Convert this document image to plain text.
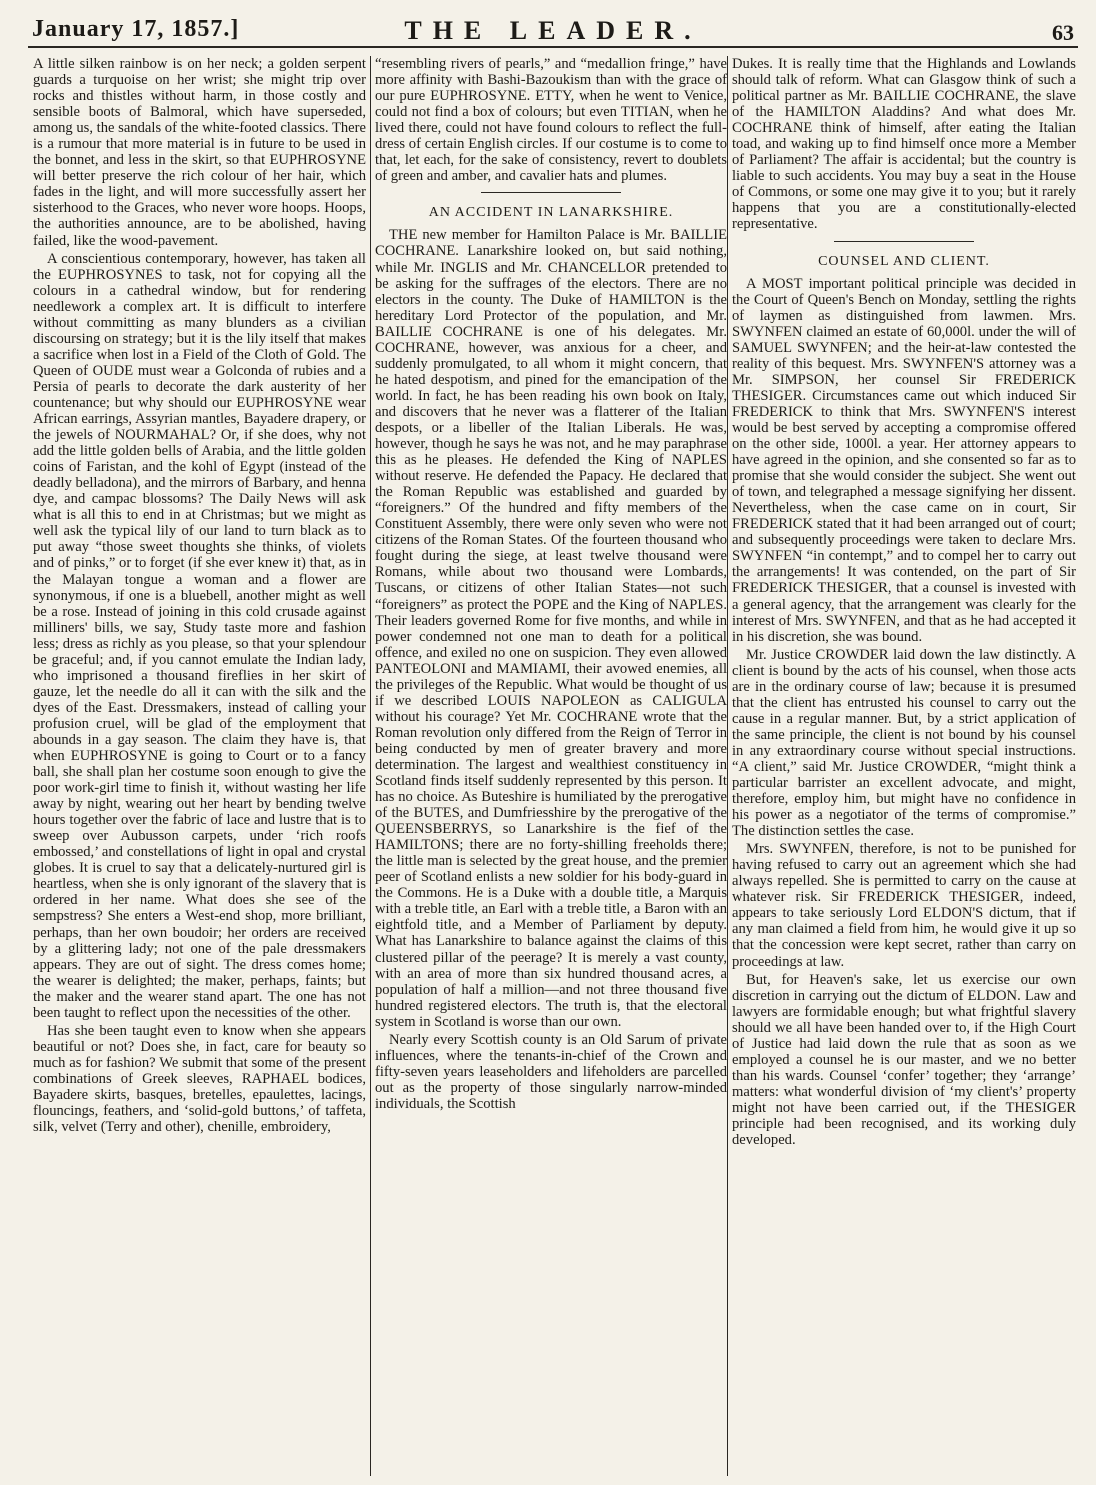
January 17, 1857.]	THE LEADER.	63

A little silken rainbow is on her neck; a golden serpent guards a turquoise on her wrist; she might trip over rocks and thistles without harm, in those costly and sensible boots of Balmoral, which have superseded, among us, the sandals of the white-footed classics. There is a rumour that more material is in future to be used in the bonnet, and less in the skirt, so that EUPHROSYNE will better preserve the rich colour of her hair, which fades in the light, and will more successfully assert her sisterhood to the Graces, who never wore hoops. Hoops, the authorities announce, are to be abolished, having failed, like the wood-pavement.

A conscientious contemporary, however, has taken all the EUPHROSYNES to task, not for copying all the colours in a cathedral window, but for rendering needlework a complex art. It is difficult to interfere without committing as many blunders as a civilian discoursing on strategy; but it is the lily itself that makes a sacrifice when lost in a Field of the Cloth of Gold. The Queen of OUDE must wear a Golconda of rubies and a Persia of pearls to decorate the dark austerity of her countenance; but why should our EUPHROSYNE wear African earrings, Assyrian mantles, Bayadere drapery, or the jewels of NOURMAHAL? Or, if she does, why not add the little golden bells of Arabia, and the little golden coins of Faristan, and the kohl of Egypt (instead of the deadly belladona), and the mirrors of Barbary, and henna dye, and campac blossoms? The Daily News will ask what is all this to end in at Christmas; but we might as well ask the typical lily of our land to turn black as to put away “those sweet thoughts she thinks, of violets and of pinks,” or to forget (if she ever knew it) that, as in the Malayan tongue a woman and a flower are synonymous, if one is a bluebell, another might as well be a rose. Instead of joining in this cold crusade against milliners' bills, we say, Study taste more and fashion less; dress as richly as you please, so that your splendour be graceful; and, if you cannot emulate the Indian lady, who imprisoned a thousand fireflies in her skirt of gauze, let the needle do all it can with the silk and the dyes of the East. Dressmakers, instead of calling your profusion cruel, will be glad of the employment that abounds in a gay season. The claim they have is, that when EUPHROSYNE is going to Court or to a fancy ball, she shall plan her costume soon enough to give the poor work-girl time to finish it, without wasting her life away by night, wearing out her heart by bending twelve hours together over the fabric of lace and lustre that is to sweep over Aubusson carpets, under ‘rich roofs embossed,’ and constellations of light in opal and crystal globes. It is cruel to say that a delicately-nurtured girl is heartless, when she is only ignorant of the slavery that is ordered in her name. What does she see of the sempstress? She enters a West-end shop, more brilliant, perhaps, than her own boudoir; her orders are received by a glittering lady; not one of the pale dressmakers appears. They are out of sight. The dress comes home; the wearer is delighted; the maker, perhaps, faints; but the maker and the wearer stand apart. The one has not been taught to reflect upon the necessities of the other.

Has she been taught even to know when she appears beautiful or not? Does she, in fact, care for beauty so much as for fashion? We submit that some of the present combinations of Greek sleeves, RAPHAEL bodices, Bayadere skirts, basques, bretelles, epaulettes, lacings, flouncings, feathers, and ‘solid-gold buttons,’ of taffeta, silk, velvet (Terry and other), chenille, embroidery,

“resembling rivers of pearls,” and “medallion fringe,” have more affinity with Bashi-Bazoukism than with the grace of our pure EUPHROSYNE. ETTY, when he went to Venice, could not find a box of colours; but even TITIAN, when he lived there, could not have found colours to reflect the full-dress of certain English circles. If our costume is to come to that, let each, for the sake of consistency, revert to doublets of green and amber, and cavalier hats and plumes.

AN ACCIDENT IN LANARKSHIRE.

THE new member for Hamilton Palace is Mr. BAILLIE COCHRANE. Lanarkshire looked on, but said nothing, while Mr. INGLIS and Mr. CHANCELLOR pretended to be asking for the suffrages of the electors. There are no electors in the county. The Duke of HAMILTON is the hereditary Lord Protector of the population, and Mr. BAILLIE COCHRANE is one of his delegates. Mr. COCHRANE, however, was anxious for a cheer, and suddenly promulgated, to all whom it might concern, that he hated despotism, and pined for the emancipation of the world. In fact, he has been reading his own book on Italy, and discovers that he never was a flatterer of the Italian despots, or a libeller of the Italian Liberals. He was, however, though he says he was not, and he may paraphrase this as he pleases. He defended the King of NAPLES without reserve. He defended the Papacy. He declared that the Roman Republic was established and guarded by “foreigners.” Of the hundred and fifty members of the Constituent Assembly, there were only seven who were not citizens of the Roman States. Of the fourteen thousand who fought during the siege, at least twelve thousand were Romans, while about two thousand were Lombards, Tuscans, or citizens of other Italian States—not such “foreigners” as protect the POPE and the King of NAPLES. Their leaders governed Rome for five months, and while in power condemned not one man to death for a political offence, and exiled no one on suspicion. They even allowed PANTEOLONI and MAMIAMI, their avowed enemies, all the privileges of the Republic. What would be thought of us if we described LOUIS NAPOLEON as CALIGULA without his courage? Yet Mr. COCHRANE wrote that the Roman revolution only differed from the Reign of Terror in being conducted by men of greater bravery and more determination. The largest and wealthiest constituency in Scotland finds itself suddenly represented by this person. It has no choice. As Buteshire is humiliated by the prerogative of the BUTES, and Dumfriesshire by the prerogative of the QUEENSBERRYS, so Lanarkshire is the fief of the HAMILTONS; there are no forty-shilling freeholds there; the little man is selected by the great house, and the premier peer of Scotland enlists a new soldier for his body-guard in the Commons. He is a Duke with a double title, a Marquis with a treble title, an Earl with a treble title, a Baron with an eightfold title, and a Member of Parliament by deputy. What has Lanarkshire to balance against the claims of this clustered pillar of the peerage? It is merely a vast county, with an area of more than six hundred thousand acres, a population of half a million—and not three thousand five hundred registered electors. The truth is, that the electoral system in Scotland is worse than our own.

Nearly every Scottish county is an Old Sarum of private influences, where the tenants-in-chief of the Crown and fifty-seven years leaseholders and lifeholders are parcelled out as the property of those singularly narrow-minded individuals, the Scottish

Dukes. It is really time that the Highlands and Lowlands should talk of reform. What can Glasgow think of such a political partner as Mr. BAILLIE COCHRANE, the slave of the HAMILTON Aladdins? And what does Mr. COCHRANE think of himself, after eating the Italian toad, and waking up to find himself once more a Member of Parliament? The affair is accidental; but the country is liable to such accidents. You may buy a seat in the House of Commons, or some one may give it to you; but it rarely happens that you are a constitutionally-elected representative.

COUNSEL AND CLIENT.

A MOST important political principle was decided in the Court of Queen's Bench on Monday, settling the rights of laymen as distinguished from lawmen. Mrs. SWYNFEN claimed an estate of 60,000l. under the will of SAMUEL SWYNFEN; and the heir-at-law contested the reality of this bequest. Mrs. SWYNFEN'S attorney was a Mr. SIMPSON, her counsel Sir FREDERICK THESIGER. Circumstances came out which induced Sir FREDERICK to think that Mrs. SWYNFEN'S interest would be best served by accepting a compromise offered on the other side, 1000l. a year. Her attorney appears to have agreed in the opinion, and she consented so far as to promise that she would consider the subject. She went out of town, and telegraphed a message signifying her dissent. Nevertheless, when the case came on in court, Sir FREDERICK stated that it had been arranged out of court; and subsequently proceedings were taken to declare Mrs. SWYNFEN “in contempt,” and to compel her to carry out the arrangements! It was contended, on the part of Sir FREDERICK THESIGER, that a counsel is invested with a general agency, that the arrangement was clearly for the interest of Mrs. SWYNFEN, and that as he had accepted it in his discretion, she was bound.

Mr. Justice CROWDER laid down the law distinctly. A client is bound by the acts of his counsel, when those acts are in the ordinary course of law; because it is presumed that the client has entrusted his counsel to carry out the cause in a regular manner. But, by a strict application of the same principle, the client is not bound by his counsel in any extraordinary course without special instructions. “A client,” said Mr. Justice CROWDER, “might think a particular barrister an excellent advocate, and might, therefore, employ him, but might have no confidence in his power as a negotiator of the terms of compromise.” The distinction settles the case.

Mrs. SWYNFEN, therefore, is not to be punished for having refused to carry out an agreement which she had always repelled. She is permitted to carry on the cause at whatever risk. Sir FREDERICK THESIGER, indeed, appears to take seriously Lord ELDON'S dictum, that if any man claimed a field from him, he would give it up so that the concession were kept secret, rather than carry on proceedings at law.

But, for Heaven's sake, let us exercise our own discretion in carrying out the dictum of ELDON. Law and lawyers are formidable enough; but what frightful slavery should we all have been handed over to, if the High Court of Justice had laid down the rule that as soon as we employed a counsel he is our master, and we no better than his wards. Counsel ‘confer’ together; they ‘arrange’ matters: what wonderful division of ‘my client's’ property might not have been carried out, if the THESIGER principle had been recognised, and its working duly developed.
